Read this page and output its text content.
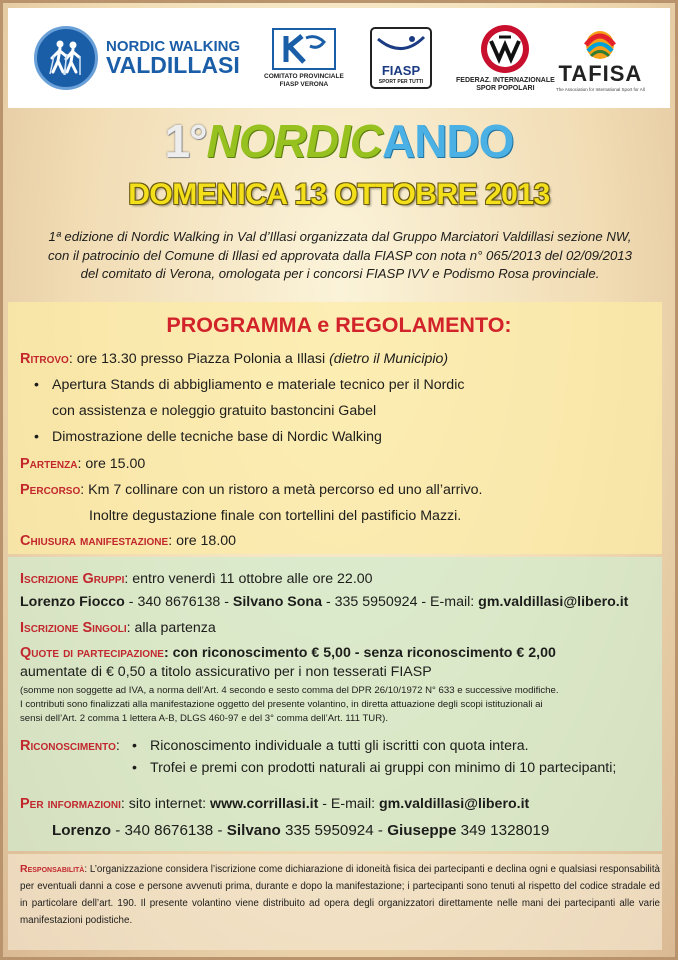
NORDIC WALKING
VALDILLASI	COMITATO PROVINCIALE
FIASP VERONA
FIASP
SPORT PER TUTTI	FEDERAZ. INTERNAZIONALE
SPOR POPOLARI
TAFISA
The Association for International Sport for All
1°NORDICANDO
DOMENICA 13 OTTOBRE 2013
1ª edizione di Nordic Walking in Val d’Illasi organizzata dal Gruppo Marciatori Valdillasi sezione NW,
con il patrocinio del Comune di Illasi ed approvata dalla FIASP con nota n° 065/2013 del 02/09/2013
del comitato di Verona, omologata per i concorsi FIASP IVV e Podismo Rosa provinciale.
PROGRAMMA e REGOLAMENTO:
Ritrovo: ore 13.30 presso Piazza Polonia a Illasi (dietro il Municipio)
• Apertura Stands di abbigliamento e materiale tecnico per il Nordic
con assistenza e noleggio gratuito bastoncini Gabel
• Dimostrazione delle tecniche base di Nordic Walking
Partenza: ore 15.00
Percorso: Km 7 collinare con un ristoro a metà percorso ed uno all’arrivo.
Inoltre degustazione finale con tortellini del pastificio Mazzi.
Chiusura manifestazione: ore 18.00
Iscrizione Gruppi: entro venerdì 11 ottobre alle ore 22.00
Lorenzo Fiocco - 340 8676138 - Silvano Sona - 335 5950924 - E-mail: gm.valdillasi@libero.it
Iscrizione Singoli: alla partenza
Quote di partecipazione: con riconoscimento € 5,00 - senza riconoscimento € 2,00
aumentate di € 0,50 a titolo assicurativo per i non tesserati FIASP
(somme non soggette ad IVA, a norma dell’Art. 4 secondo e sesto comma del DPR 26/10/1972 N° 633 e successive modifiche.
I contributi sono finalizzati alla manifestazione oggetto del presente volantino, in diretta attuazione degli scopi istituzionali ai
sensi dell’Art. 2 comma 1 lettera A-B, DLGS 460-97 e del 3° comma dell’Art. 111 TUR).
Riconoscimento:
•	Riconoscimento individuale a tutti gli iscritti con quota intera.
• Trofei e premi con prodotti naturali ai gruppi con minimo di 10 partecipanti;
Per informazioni: sito internet: www.corrillasi.it - E-mail: gm.valdillasi@libero.it
Lorenzo - 340 8676138 - Silvano 335 5950924 - Giuseppe 349 1328019
Responsabilità: L’organizzazione considera l’iscrizione come dichiarazione di idoneità fisica dei partecipanti e declina ogni e qualsiasi responsabilità per eventuali danni a cose e persone avvenuti prima, durante e dopo la manifestazione; i partecipanti sono tenuti al rispetto del codice stradale ed in particolare dell’art. 190. Il presente volantino viene distribuito ad opera degli organizzatori direttamente nelle mani dei partecipanti alle varie manifestazioni podistiche.
